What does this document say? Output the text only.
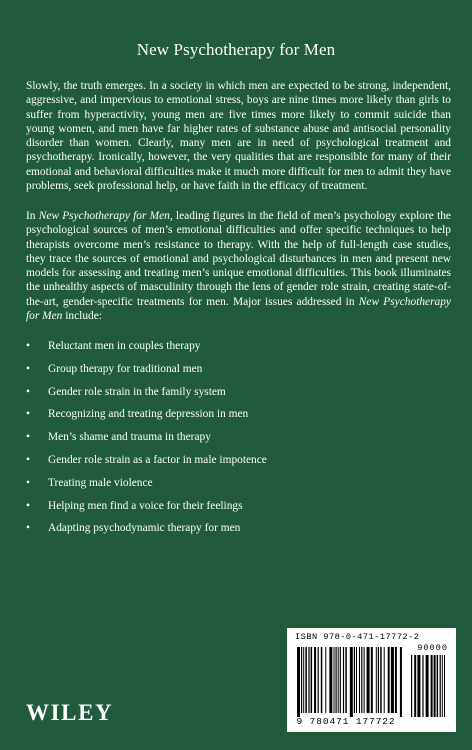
New Psychotherapy for Men
Slowly, the truth emerges. In a society in which men are expected to be strong, independent, aggressive, and impervious to emotional stress, boys are nine times more likely than girls to suffer from hyperactivity, young men are five times more likely to commit suicide than young women, and men have far higher rates of substance abuse and antisocial personality disorder than women. Clearly, many men are in need of psychological treatment and psychotherapy. Ironically, however, the very qualities that are responsible for many of their emotional and behavioral difficulties make it much more difficult for men to admit they have problems, seek professional help, or have faith in the efficacy of treatment.
In New Psychotherapy for Men, leading figures in the field of men’s psychology explore the psychological sources of men’s emotional difficulties and offer specific techniques to help therapists overcome men’s resistance to therapy. With the help of full-length case studies, they trace the sources of emotional and psychological disturbances in men and present new models for assessing and treating men’s unique emotional difficulties. This book illuminates the unhealthy aspects of masculinity through the lens of gender role strain, creating state-of-the-art, gender-specific treatments for men. Major issues addressed in New Psychotherapy for Men include:
•	Reluctant men in couples therapy
•	Group therapy for traditional men
•	Gender role strain in the family system
•	Recognizing and treating depression in men
•	Men’s shame and trauma in therapy
•	Gender role strain as a factor in male impotence
•	Treating male violence
•	Helping men find a voice for their feelings
•	Adapting psychodynamic therapy for men
WILEY
ISBN 978-0-471-17772-2
90000
9 780471 177722
